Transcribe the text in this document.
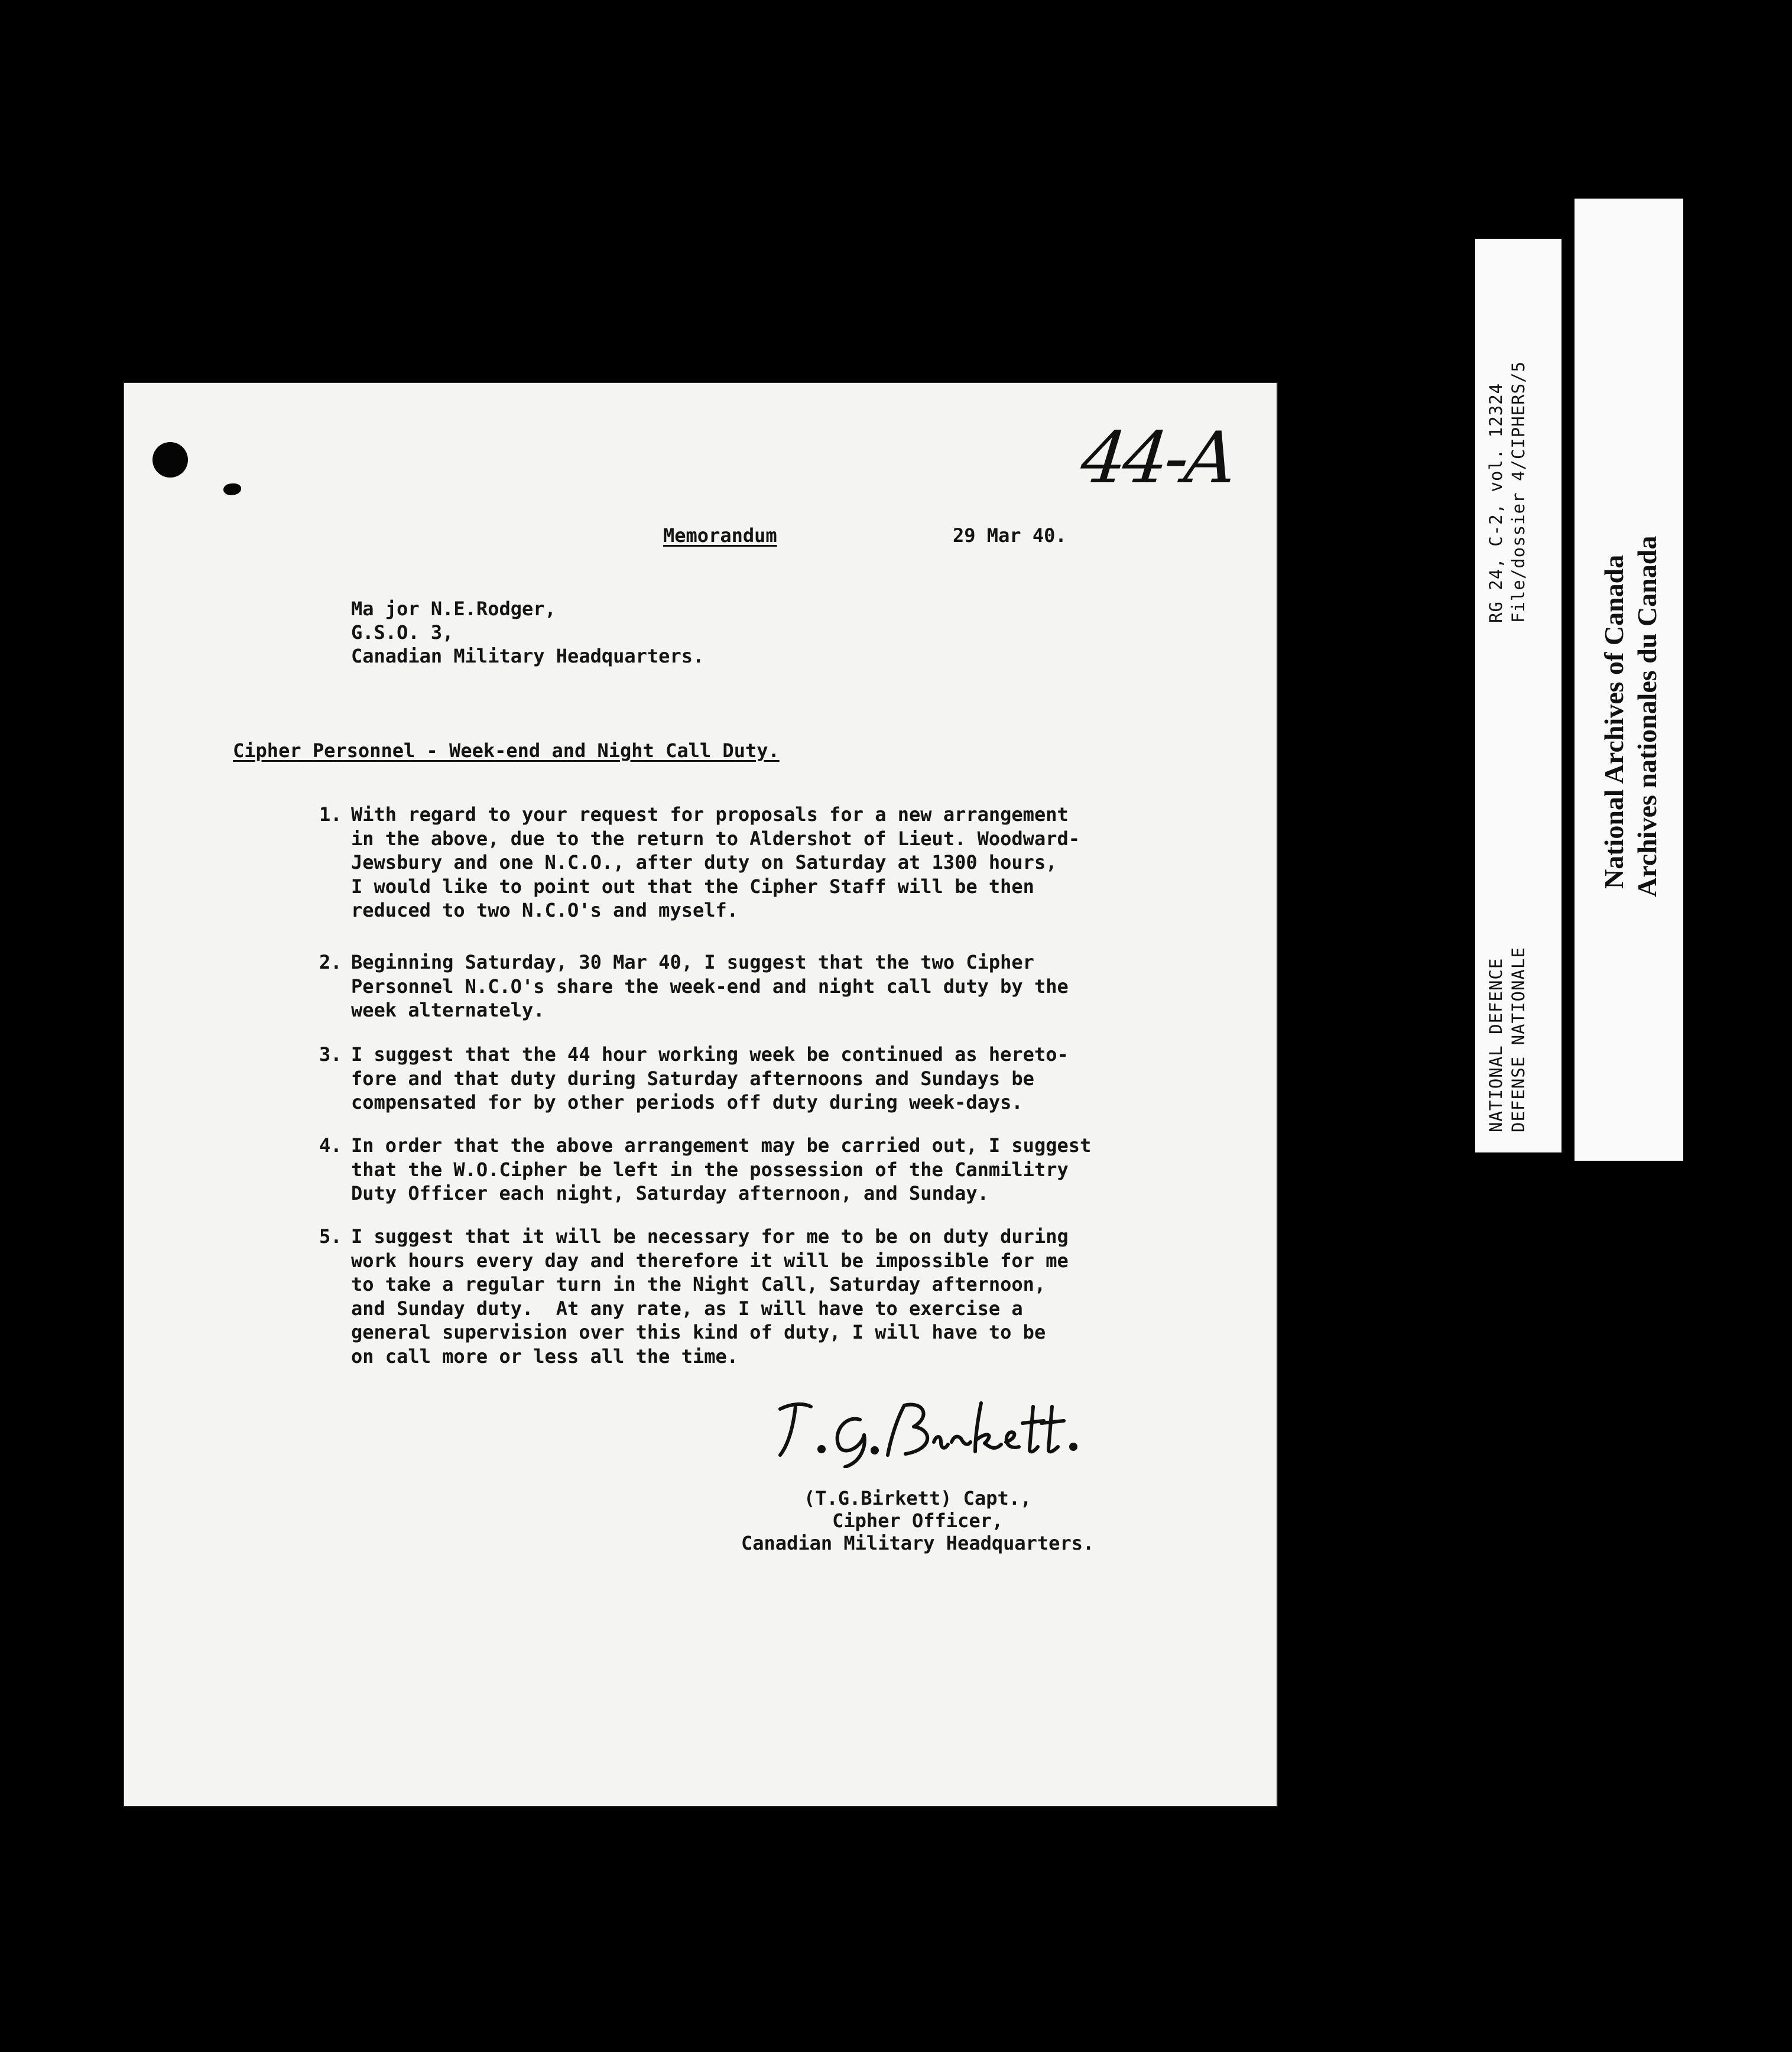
44-A
Memorandum	29 Mar 40.
Ma jor N.E.Rodger,
G.S.O. 3,
Canadian Military Headquarters.
Cipher Personnel - Week-end and Night Call Duty.
1. With regard to your request for proposals for a new arrangement
in the above, due to the return to Aldershot of Lieut. Woodward-
Jewsbury and one N.C.O., after duty on Saturday at 1300 hours,
I would like to point out that the Cipher Staff will be then
reduced to two N.C.O's and myself.
2. Beginning Saturday, 30 Mar 40, I suggest that the two Cipher
Personnel N.C.O's share the week-end and night call duty by the
week alternately.
3. I suggest that the 44 hour working week be continued as hereto-
fore and that duty during Saturday afternoons and Sundays be
compensated for by other periods off duty during week-days.
4. In order that the above arrangement may be carried out, I suggest
that the W.O.Cipher be left in the possession of the Canmilitry
Duty Officer each night, Saturday afternoon, and Sunday.
5. I suggest that it will be necessary for me to be on duty during
work hours every day and therefore it will be impossible for me
to take a regular turn in the Night Call, Saturday afternoon,
and Sunday duty.  At any rate, as I will have to exercise a
general supervision over this kind of duty, I will have to be
on call more or less all the time.
(T.G.Birkett) Capt.,
Cipher Officer,
Canadian Military Headquarters.
RG 24, C-2, vol. 12324 File/dossier 4/CIPHERS/5
NATIONAL DEFENCE DEFENSE NATIONALE
National Archives of Canada Archives nationales du Canada
